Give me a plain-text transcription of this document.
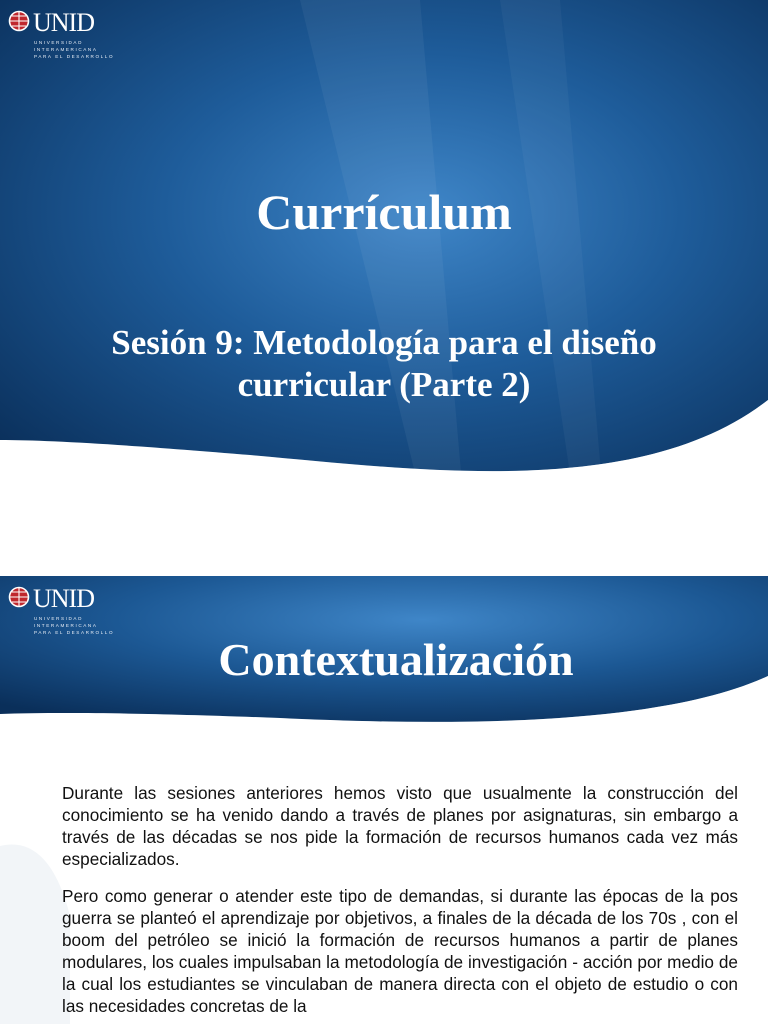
UNID
UNIVERSIDAD
INTERAMERICANA
PARA EL DESARROLLO
Currículum
Sesión 9: Metodología para el diseño curricular (Parte 2)
UNID
UNIVERSIDAD
INTERAMERICANA
PARA EL DESARROLLO
Contextualización

Durante las sesiones anteriores hemos visto que usualmente la construcción del conocimiento se ha venido dando a través de planes por asignaturas, sin embargo a través de las décadas se nos pide la formación de recursos humanos cada vez más especializados.

Pero como generar o atender este tipo de demandas, si durante las épocas de la pos guerra se planteó el aprendizaje por objetivos, a finales de la década de los 70s , con el boom del petróleo se inició la formación de recursos humanos a partir de planes modulares, los cuales impulsaban la metodología de investigación - acción por medio de la cual los estudiantes se vinculaban de manera directa con el objeto de estudio o con las necesidades concretas de la
